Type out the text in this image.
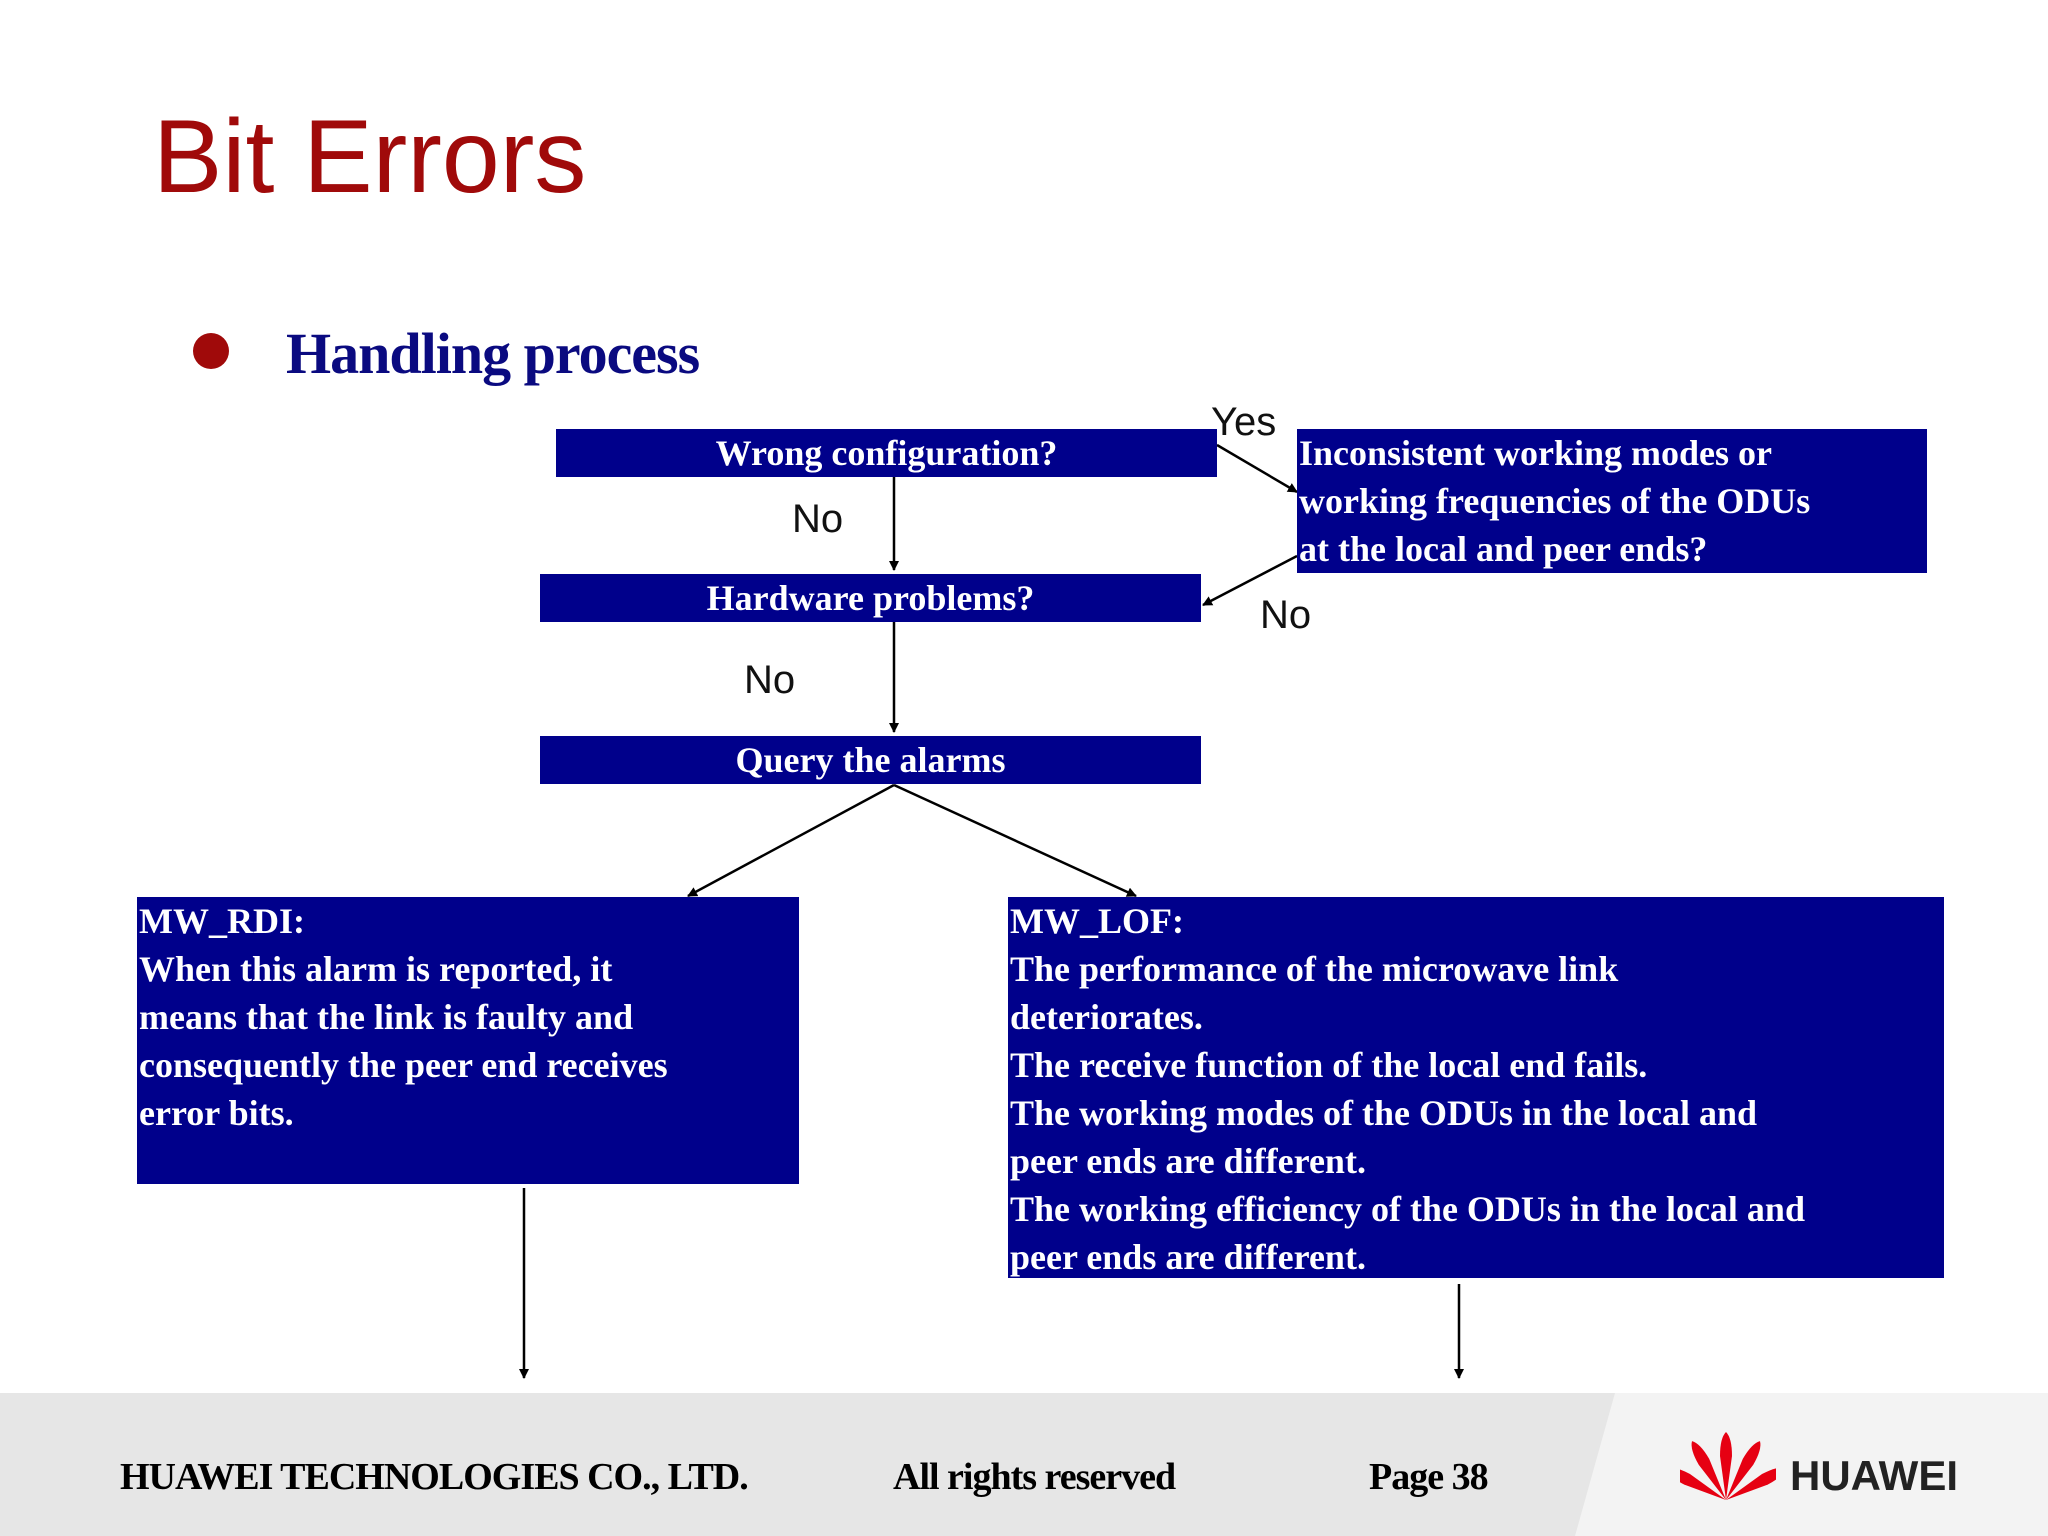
Bit Errors
Handling process
Wrong configuration?	Inconsistent working modes or
working frequencies of the ODUs
at the local and peer ends?
Hardware problems?
Query the alarms
MW_RDI:
When this alarm is reported, it
means that the link is faulty and
consequently the peer end receives
error bits.
MW_LOF:
The performance of the microwave link
deteriorates.
The receive function of the local end fails.
The working modes of the ODUs in the local and
peer ends are different.
The working efficiency of the ODUs in the local and
peer ends are different.
Yes
No
No
No
HUAWEI TECHNOLOGIES CO., LTD.	All rights reserved	Page 38	HUAWEI
